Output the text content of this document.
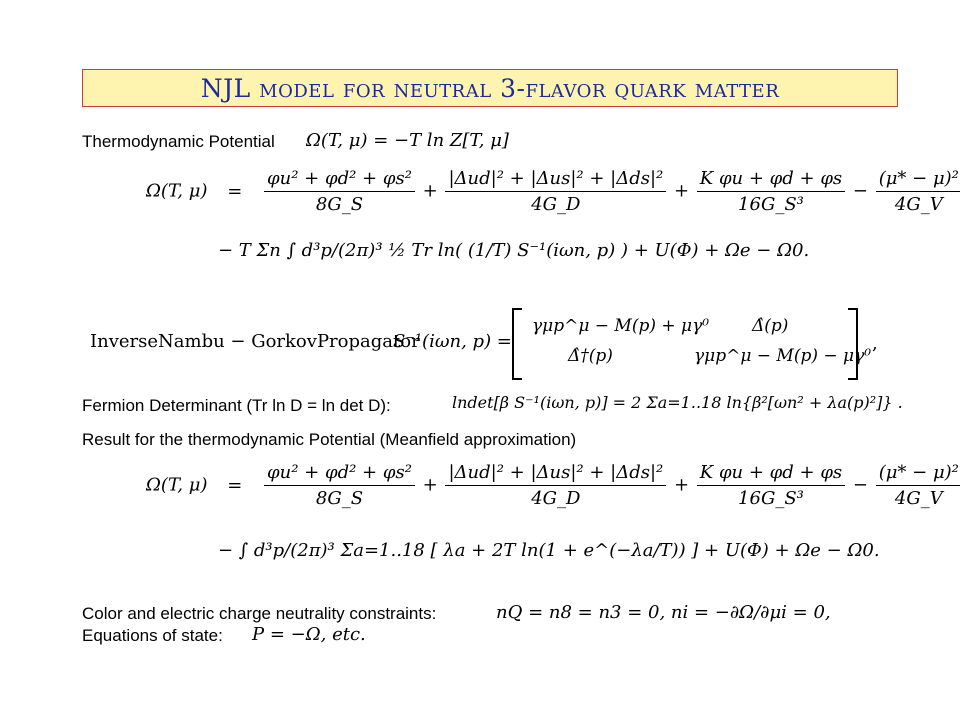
NJL model for neutral 3-flavor quark matter
Thermodynamic Potential Ω(T, μ) = −T ln Z[T, μ]
Ω(T, $\mu) = \frac{\text{φu² + φd² + φs²}}{8G\_S} + \frac{\text{|Δud|² + |Δus|² + |Δds|²}}{4G\_D} + \frac{\text{K φu + φd + φs}}{\text{16G\_S³}} - \frac{\text{(μ* − μ)²}}{4G\_V}$
− T Σn ∫ d³p/(2π)³ ½ Tr ln( (1/T) S⁻¹(iωn, p) ) + U(Φ) + Ωe − Ω0.
InverseNambu − GorkovPropagator
S⁻¹(iωn, p) =
γμp^μ − M(p) + μγ⁰	Δ̂(p)
Δ̂†(p)	γμp^μ − M(p) − μγ⁰
,
Fermion Determinant (Tr ln D = ln det D):	lndet[β S⁻¹(iωn, p)] = 2 Σa=1..18 ln{β²[ωn² + λa(p)²]} .
Result for the thermodynamic Potential (Meanfield approximation)
Ω(T, $\mu) = \frac{\text{φu² + φd² + φs²}}{8G\_S} + \frac{\text{|Δud|² + |Δus|² + |Δds|²}}{4G\_D} + \frac{\text{K φu + φd + φs}}{\text{16G\_S³}} - \frac{\text{(μ* − μ)²}}{4G\_V}$
− ∫ d³p/(2π)³ Σa=1..18 [ λa + 2T ln(1 + e^(−λa/T)) ] + U(Φ) + Ωe − Ω0.
Color and electric charge neutrality constraints:	nQ = n8 = n3 = 0, ni = −∂Ω/∂μi = 0,
Equations of state: P = −Ω, etc.
